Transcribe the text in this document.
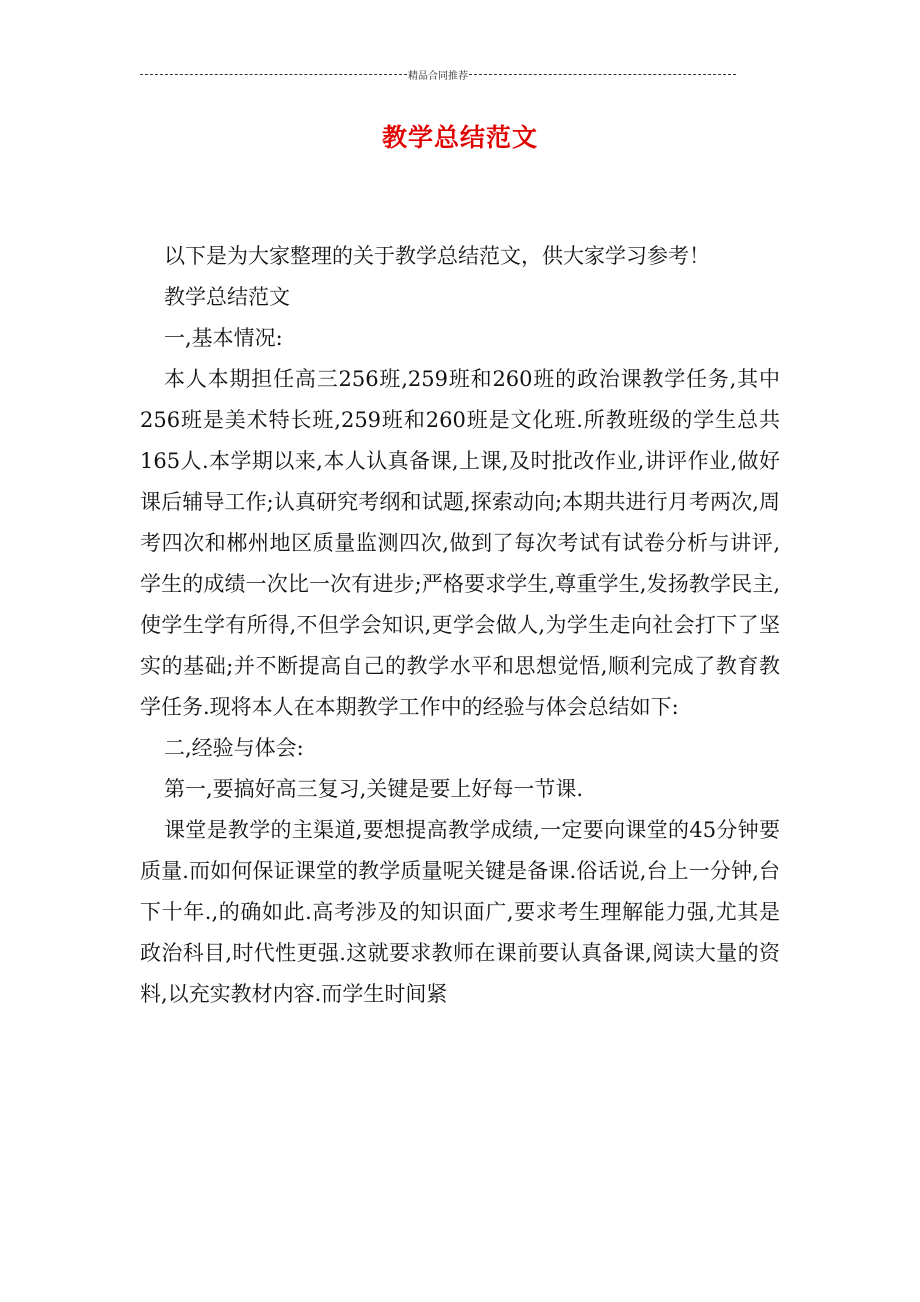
精品合同推荐
教学总结范文

以下是为大家整理的关于教学总结范文，供大家学习参考！

教学总结范文

一,基本情况:

本人本期担任高三256班,259班和260班的政治课教学任务,其中256班是美术特长班,259班和260班是文化班.所教班级的学生总共165人.本学期以来,本人认真备课,上课,及时批改作业,讲评作业,做好课后辅导工作;认真研究考纲和试题,探索动向;本期共进行月考两次,周考四次和郴州地区质量监测四次,做到了每次考试有试卷分析与讲评,学生的成绩一次比一次有进步;严格要求学生,尊重学生,发扬教学民主,使学生学有所得,不但学会知识,更学会做人,为学生走向社会打下了坚实的基础;并不断提高自己的教学水平和思想觉悟,顺利完成了教育教学任务.现将本人在本期教学工作中的经验与体会总结如下:

二,经验与体会:

第一,要搞好高三复习,关键是要上好每一节课.

课堂是教学的主渠道,要想提高教学成绩,一定要向课堂的45分钟要质量.而如何保证课堂的教学质量呢关键是备课.俗话说,台上一分钟,台下十年.,的确如此.高考涉及的知识面广,要求考生理解能力强,尤其是政治科目,时代性更强.这就要求教师在课前要认真备课,阅读大量的资料,以充实教材内容.而学生时间紧
